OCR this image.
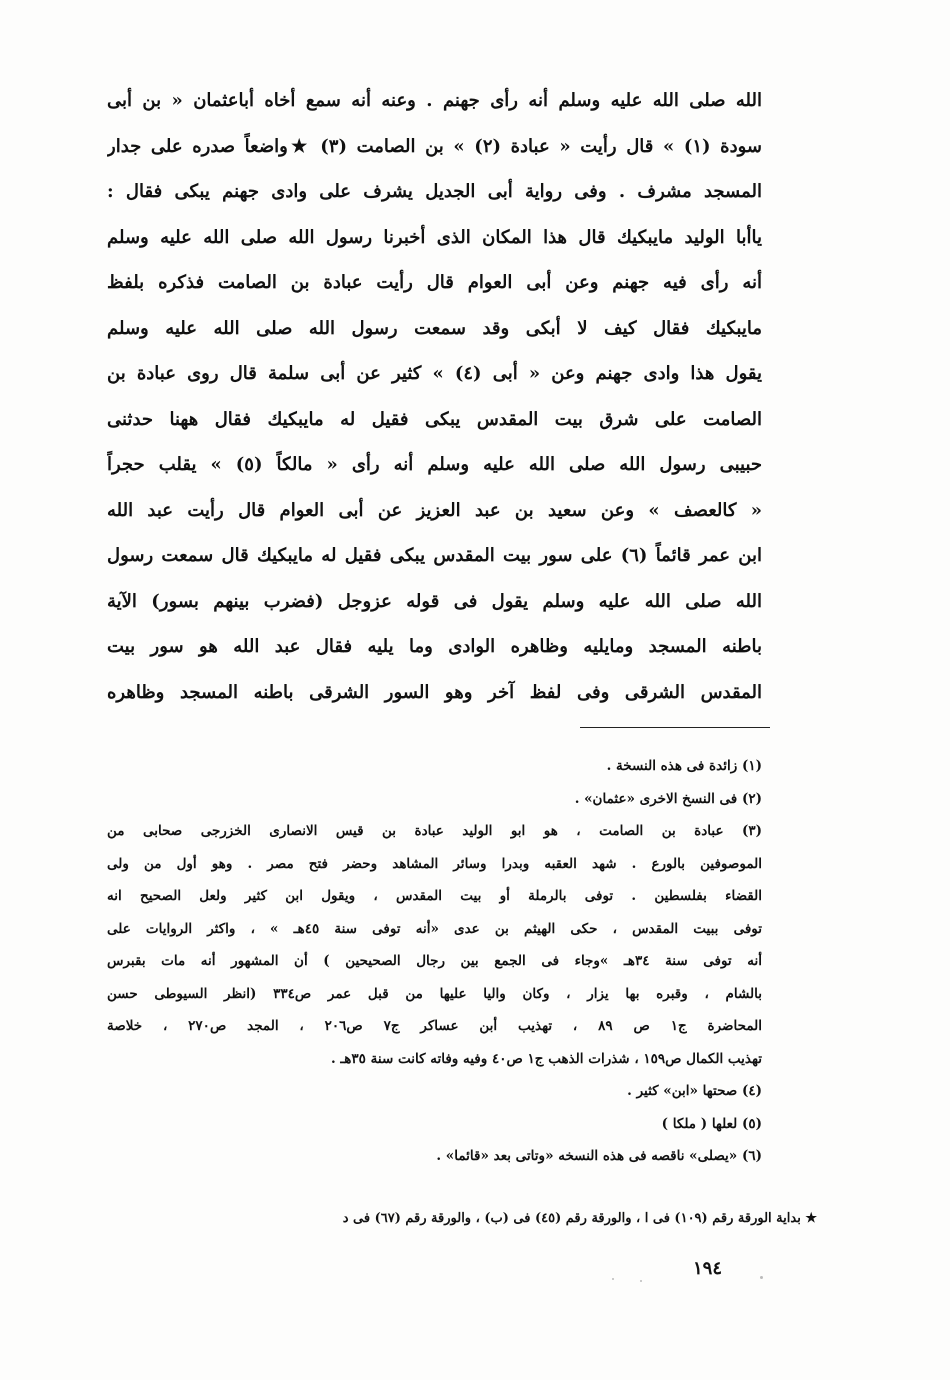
الله صلى الله عليه وسلم أنه رأى جهنم . وعنه أنه سمع أخاه أباعثمان « بن أبى
سودة (١) » قال رأيت « عبادة (٢) » بن الصامت (٣) ★واضعاً صدره على جدار
المسجد مشرف . وفى رواية أبى الجديل يشرف على وادى جهنم يبكى فقال :
ياأبا الوليد مايبكيك قال هذا المكان الذى أخبرنا رسول الله صلى الله عليه وسلم
أنه رأى فيه جهنم وعن أبى العوام قال رأيت عبادة بن الصامت فذكره بلفظ
مايبكيك فقال كيف لا أبكى وقد سمعت رسول الله صلى الله عليه وسلم
يقول هذا وادى جهنم وعن « أبى (٤) » كثير عن أبى سلمة قال روى عبادة بن
الصامت على شرق بيت المقدس يبكى فقيل له مايبكيك فقال ههنا حدثنى
حبيبى رسول الله صلى الله عليه وسلم أنه رأى « مالكاً (٥) » يقلب حجراً
« كالعصف » وعن سعيد بن عبد العزيز عن أبى العوام قال رأيت عبد الله
ابن عمر قائماً (٦) على سور بيت المقدس يبكى فقيل له مايبكيك قال سمعت رسول
الله صلى الله عليه وسلم يقول فى قوله عزوجل (فضرب بينهم بسور) الآية
باطنه المسجد ومايليه وظاهره الوادى وما يليه فقال عبد الله هو سور بيت
المقدس الشرقى وفى لفظ آخر وهو السور الشرقى باطنه المسجد وظاهره
(١) زائدة فى هذه النسخة .
(٢) فى النسخ الاخرى «عثمان» .
(٣) عبادة بن الصامت ، هو ابو الوليد عبادة بن قيس الانصارى الخزرجى صحابى من
الموصوفين بالورع . شهد العقبه وبدرا وسائر المشاهد وحضر فتح مصر . وهو أول من ولى
القضاء بفلسطين . توفى بالرملة أو بيت المقدس ، ويقول ابن كثير ولعل الصحيح انه
توفى ببيت المقدس ، حكى الهيثم بن عدى «أنه توفى سنة ٤٥هـ » ، واكثر الروايات على
أنه توفى سنة ٣٤هـ »وجاء فى الجمع بين رجال الصحيحين ) أن المشهور أنه مات بقبرس
بالشام ، وقبره بها يزار ، وكان واليا عليها من قبل عمر ص٣٣٤ (انظر السيوطى حسن
المحاضرة ج١ ص ٨٩ ، تهذيب أبن عساكر ج٧ ص٢٠٦ ، المجد ص٢٧٠ ، خلاصة
تهذيب الكمال ص١٥٩ ، شذرات الذهب ج١ ص٤٠ وفيه وفاته كانت سنة ٣٥هـ .
(٤) صحتها «ابن» كثير .
(٥) لعلها ( ملكا )
(٦) «يصلى» ناقصه فى هذه النسخه «وتاتى بعد «قائما» .
★ بداية الورقة رقم (١٠٩) فى ا ، والورقة رقم (٤٥) فى (ب) ، والورقة رقم (٦٧) فى د
١٩٤
